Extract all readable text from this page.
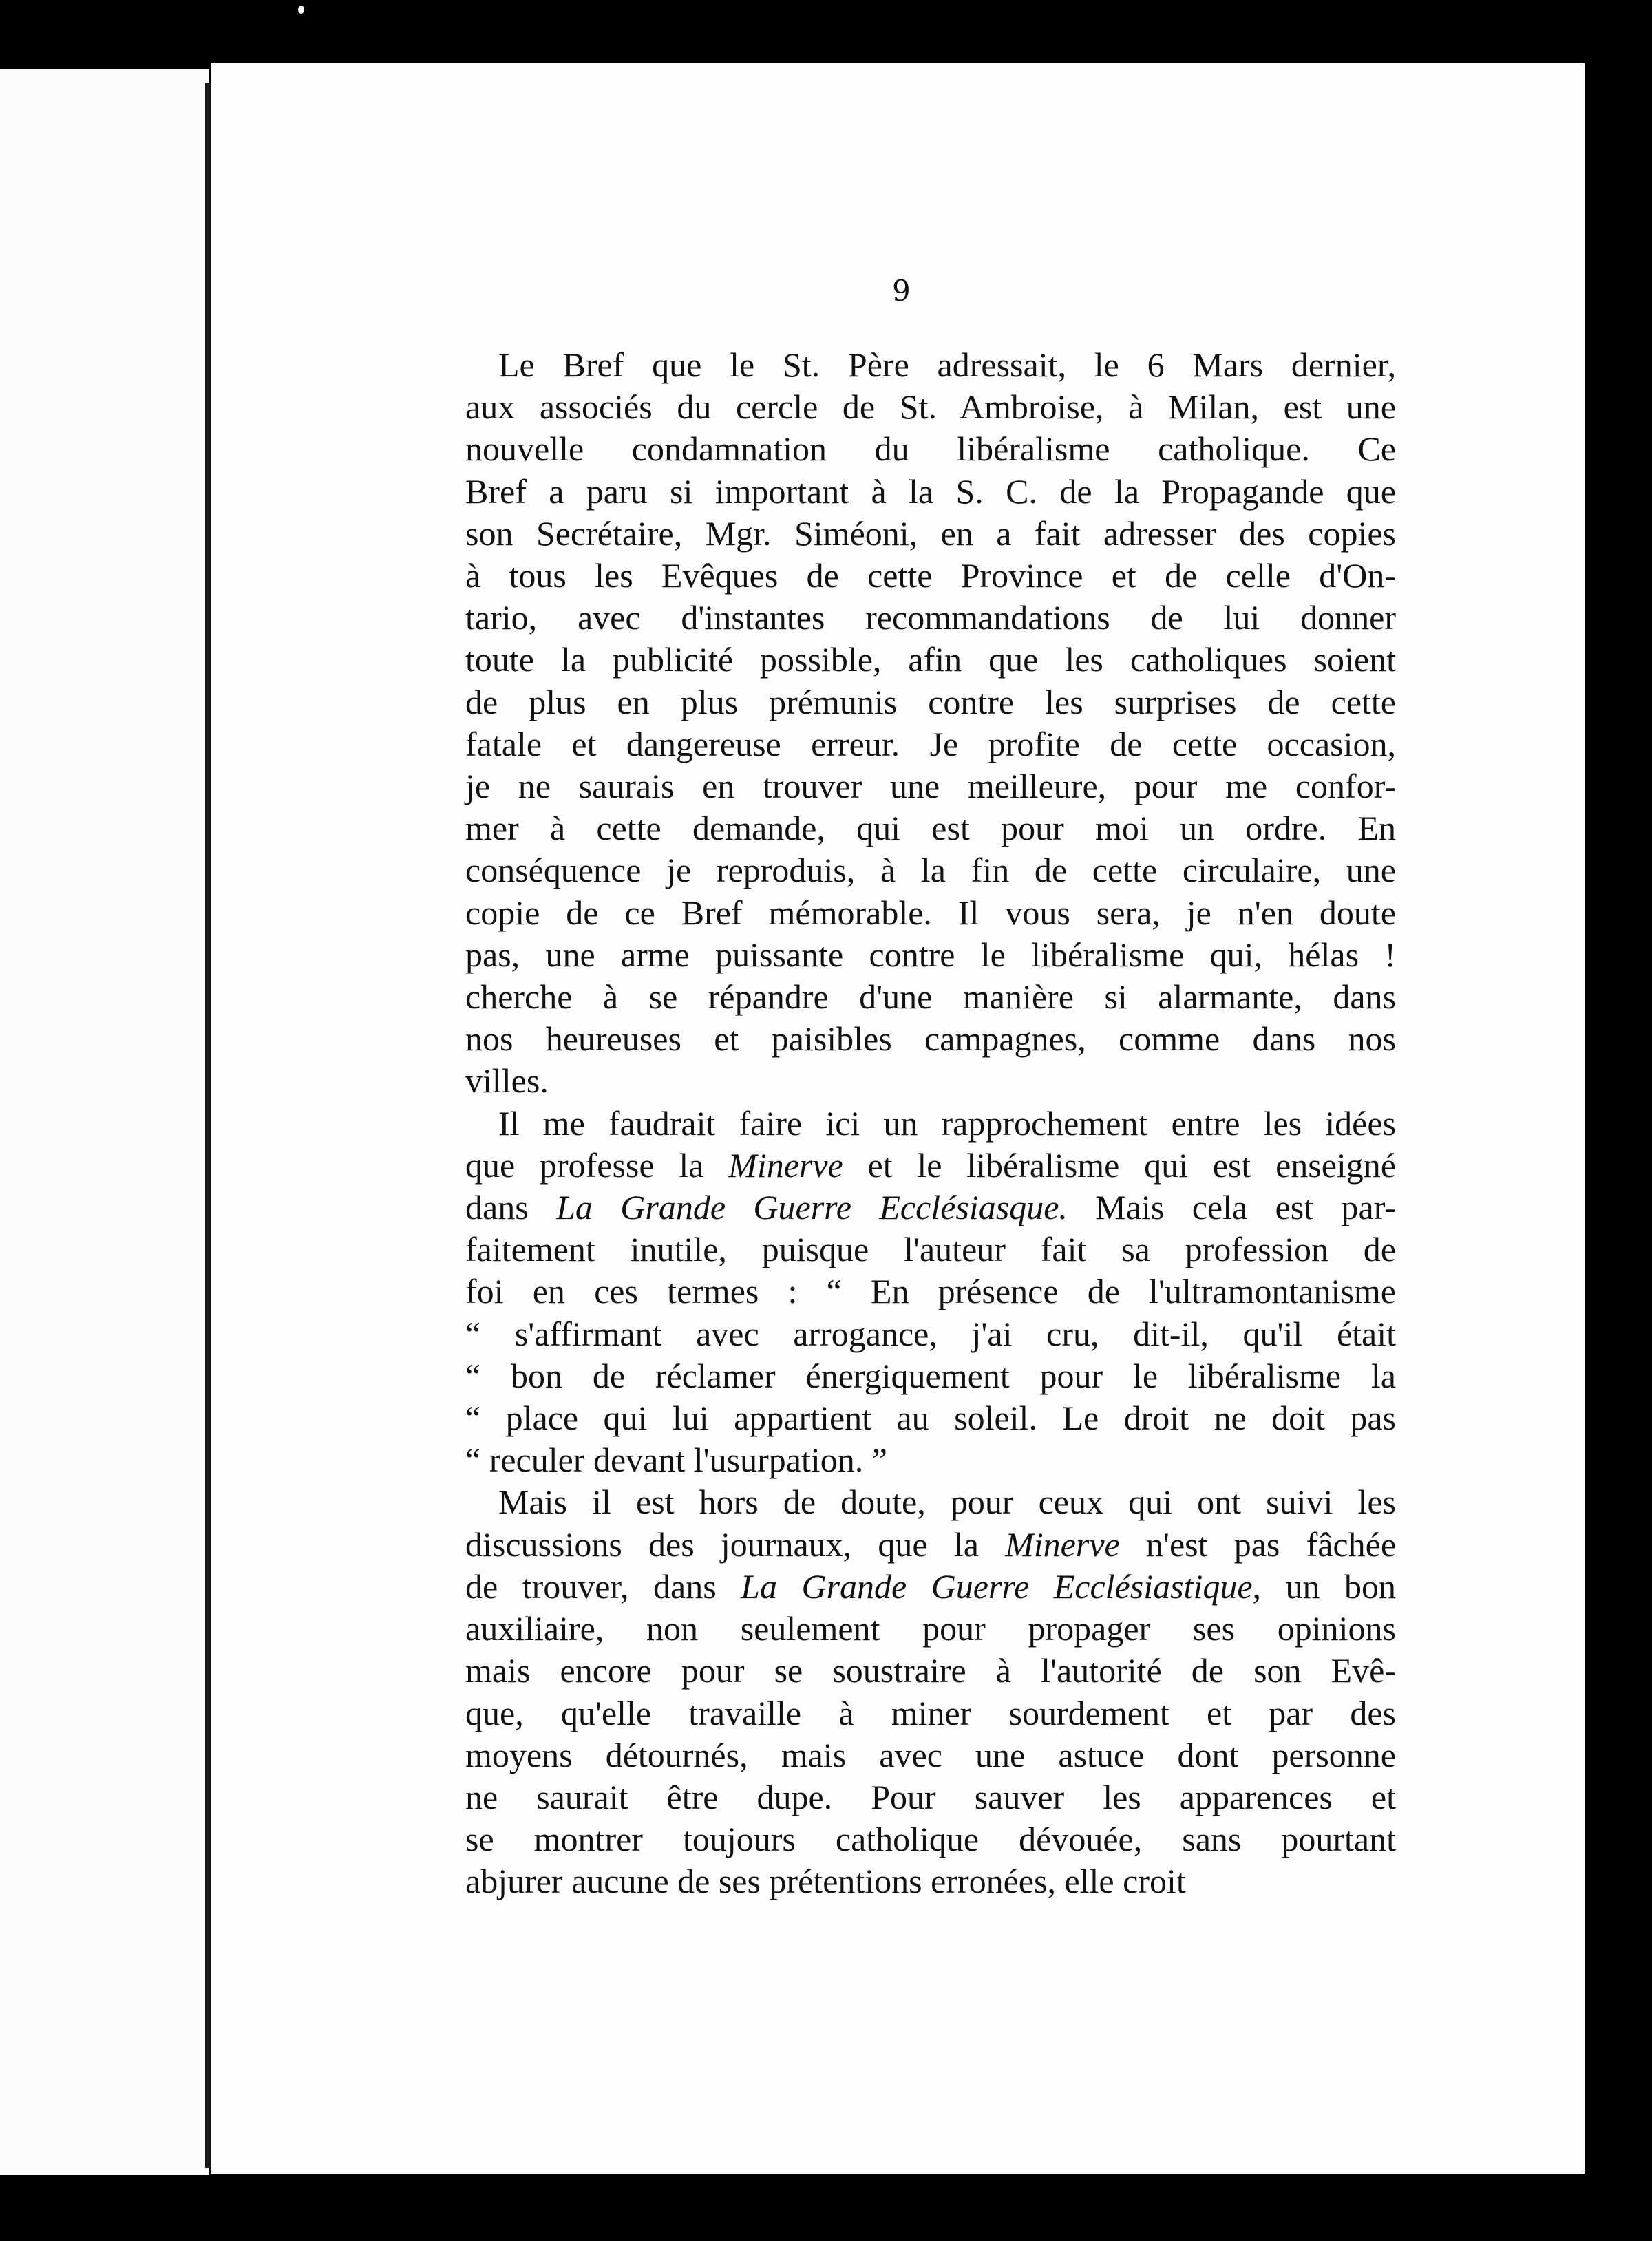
9
Le Bref que le St. Père adressait, le 6 Mars dernier,
aux associés du cercle de St. Ambroise, à Milan, est une
nouvelle condamnation du libéralisme catholique. Ce
Bref a paru si important à la S. C. de la Propagande que
son Secrétaire, Mgr. Siméoni, en a fait adresser des copies
à tous les Evêques de cette Province et de celle d'On-
tario, avec d'instantes recommandations de lui donner
toute la publicité possible, afin que les catholiques soient
de plus en plus prémunis contre les surprises de cette
fatale et dangereuse erreur. Je profite de cette occasion,
je ne saurais en trouver une meilleure, pour me confor-
mer à cette demande, qui est pour moi un ordre. En
conséquence je reproduis, à la fin de cette circulaire, une
copie de ce Bref mémorable. Il vous sera, je n'en doute
pas, une arme puissante contre le libéralisme qui, hélas !
cherche à se répandre d'une manière si alarmante, dans
nos heureuses et paisibles campagnes, comme dans nos
villes.
Il me faudrait faire ici un rapprochement entre les idées
que professe la Minerve et le libéralisme qui est enseigné
dans La Grande Guerre Ecclésiasque. Mais cela est par-
faitement inutile, puisque l'auteur fait sa profession de
foi en ces termes : “ En présence de l'ultramontanisme
“ s'affirmant avec arrogance, j'ai cru, dit-il, qu'il était
“ bon de réclamer énergiquement pour le libéralisme la
“ place qui lui appartient au soleil. Le droit ne doit pas
“ reculer devant l'usurpation. ”
Mais il est hors de doute, pour ceux qui ont suivi les
discussions des journaux, que la Minerve n'est pas fâchée
de trouver, dans La Grande Guerre Ecclésiastique, un bon
auxiliaire, non seulement pour propager ses opinions
mais encore pour se soustraire à l'autorité de son Evê-
que, qu'elle travaille à miner sourdement et par des
moyens détournés, mais avec une astuce dont personne
ne saurait être dupe. Pour sauver les apparences et
se montrer toujours catholique dévouée, sans pourtant
abjurer aucune de ses prétentions erronées, elle croit
